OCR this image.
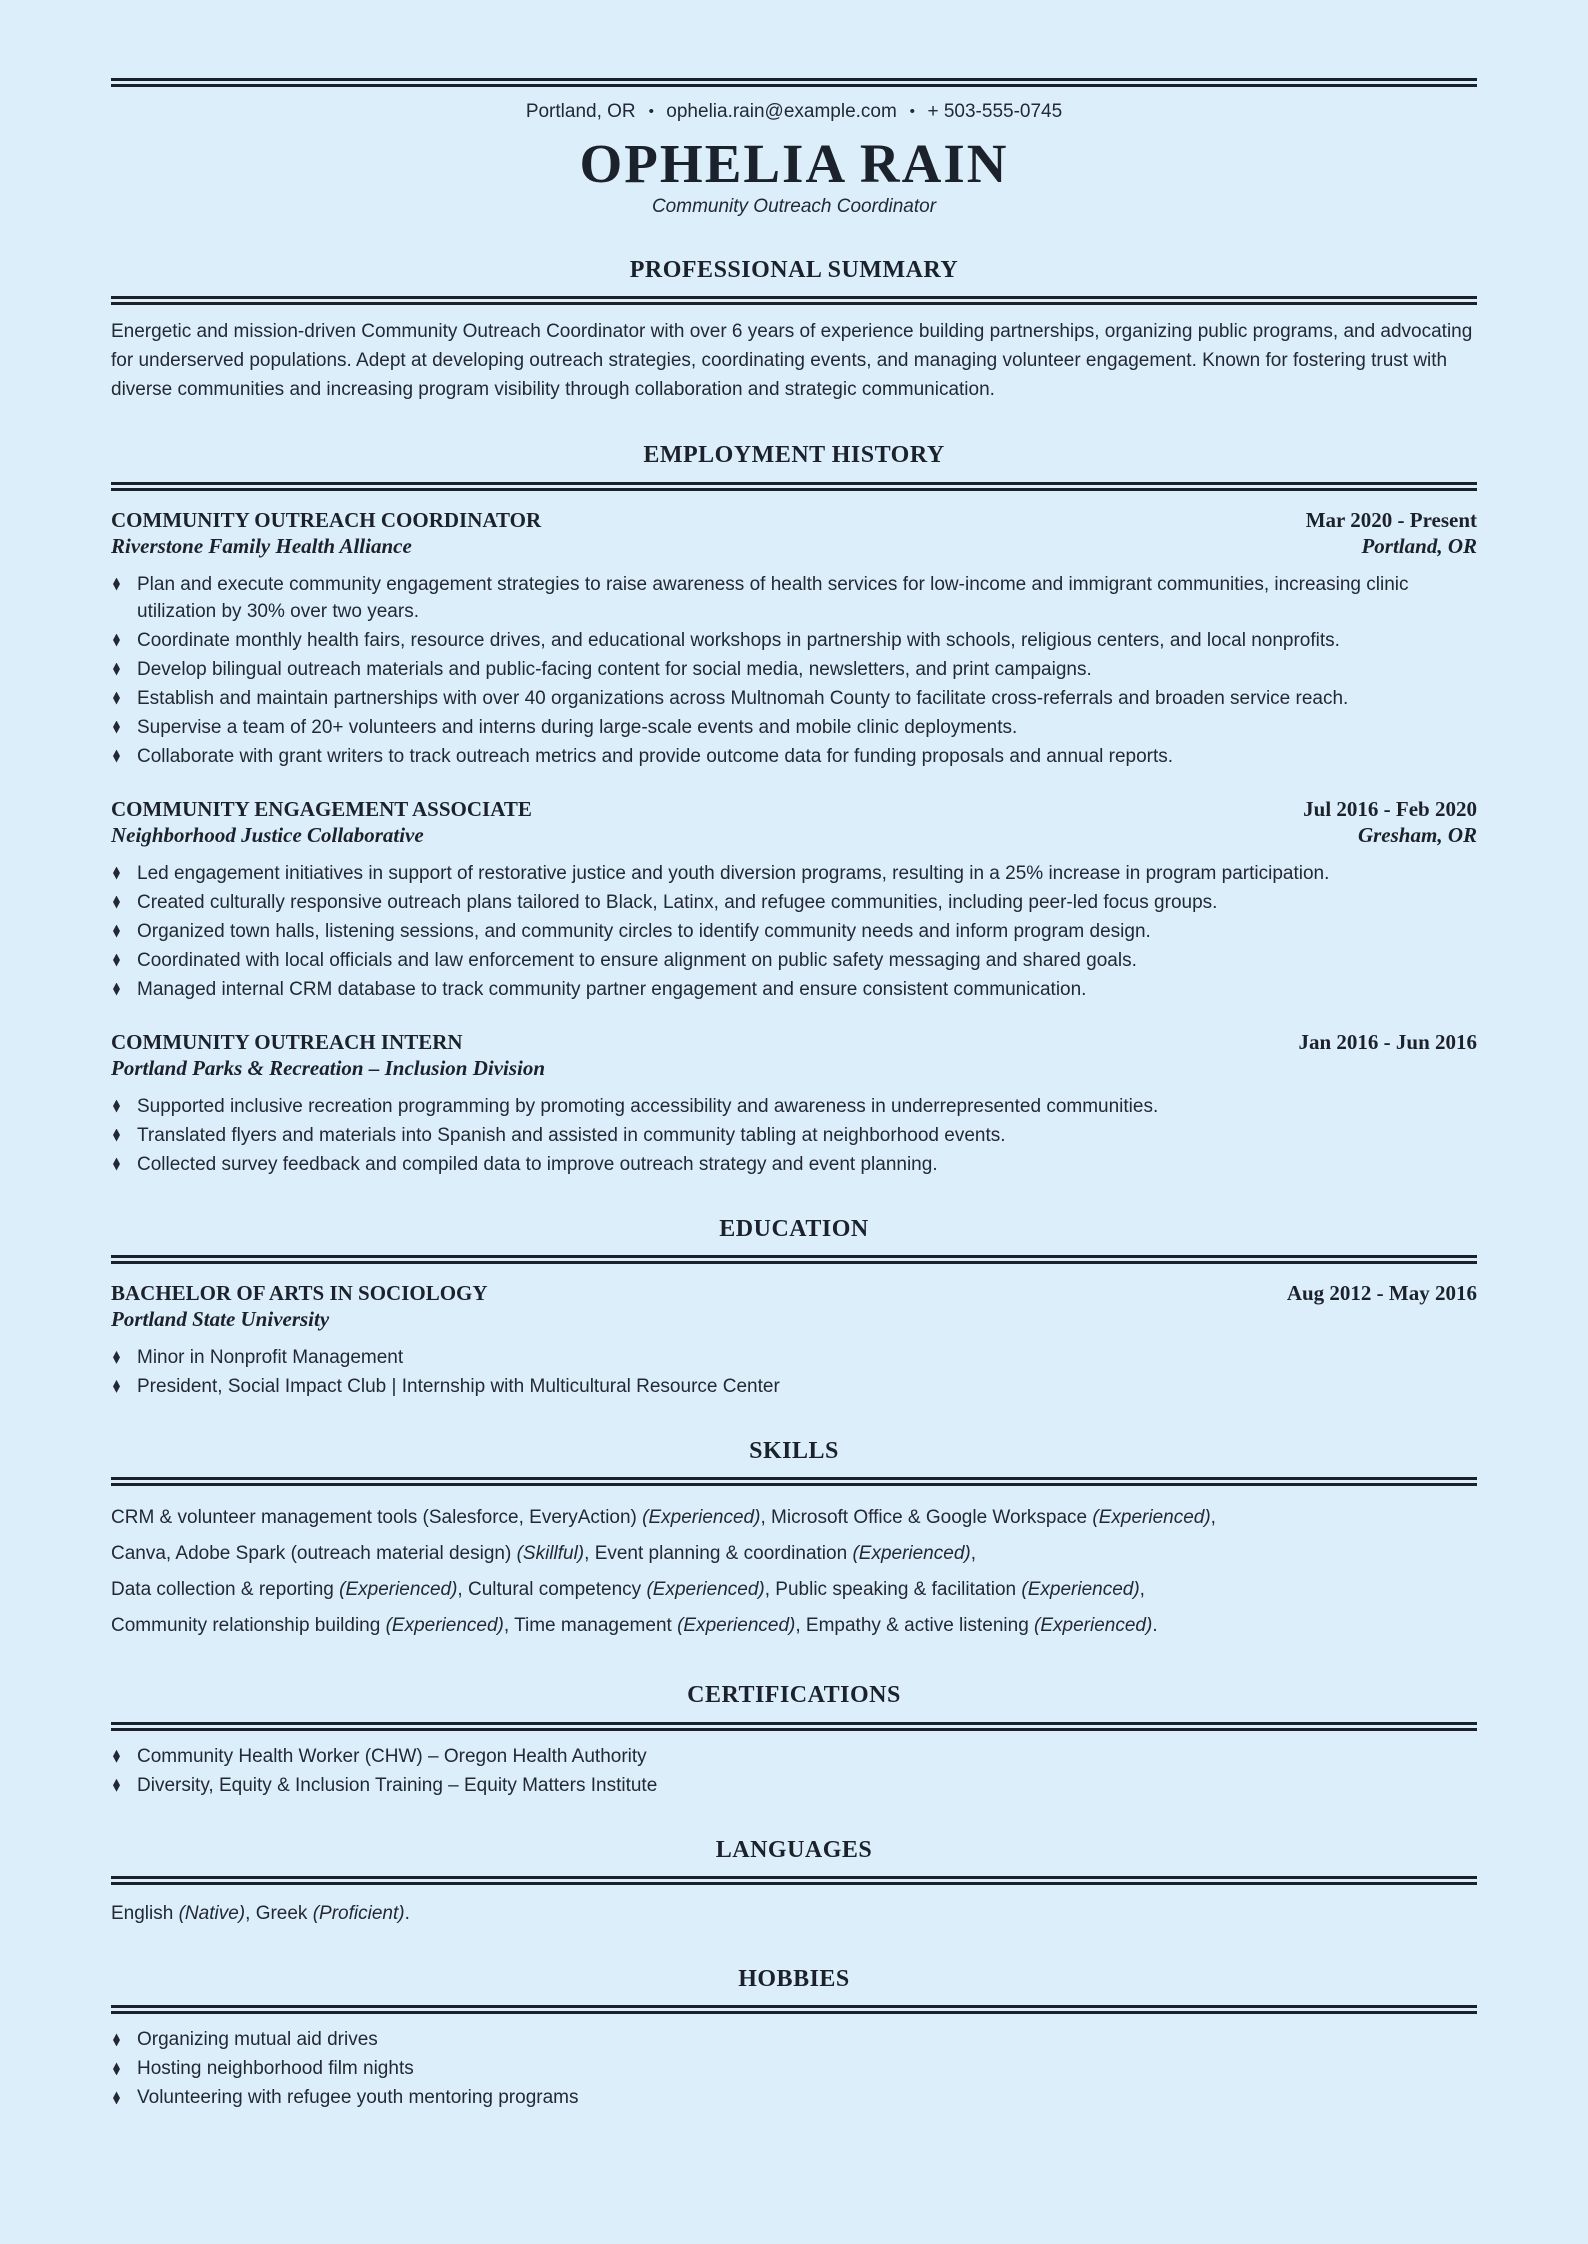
Portland, OR • ophelia.rain@example.com • + 503-555-0745
OPHELIA RAIN
Community Outreach Coordinator
PROFESSIONAL SUMMARY

Energetic and mission-driven Community Outreach Coordinator with over 6 years of experience building partnerships, organizing public programs, and advocating for underserved populations. Adept at developing outreach strategies, coordinating events, and managing volunteer engagement. Known for fostering trust with diverse communities and increasing program visibility through collaboration and strategic communication.

EMPLOYMENT HISTORY
COMMUNITY OUTREACH COORDINATOR	Mar 2020 - Present
Riverstone Family Health Alliance	Portland, OR
Plan and execute community engagement strategies to raise awareness of health services for low-income and immigrant communities, increasing clinic utilization by 30% over two years.
Coordinate monthly health fairs, resource drives, and educational workshops in partnership with schools, religious centers, and local nonprofits.
Develop bilingual outreach materials and public-facing content for social media, newsletters, and print campaigns.
Establish and maintain partnerships with over 40 organizations across Multnomah County to facilitate cross-referrals and broaden service reach.
Supervise a team of 20+ volunteers and interns during large-scale events and mobile clinic deployments.
Collaborate with grant writers to track outreach metrics and provide outcome data for funding proposals and annual reports.
COMMUNITY ENGAGEMENT ASSOCIATE	Jul 2016 - Feb 2020
Neighborhood Justice Collaborative	Gresham, OR
Led engagement initiatives in support of restorative justice and youth diversion programs, resulting in a 25% increase in program participation.
Created culturally responsive outreach plans tailored to Black, Latinx, and refugee communities, including peer-led focus groups.
Organized town halls, listening sessions, and community circles to identify community needs and inform program design.
Coordinated with local officials and law enforcement to ensure alignment on public safety messaging and shared goals.
Managed internal CRM database to track community partner engagement and ensure consistent communication.
COMMUNITY OUTREACH INTERN	Jan 2016 - Jun 2016
Portland Parks & Recreation – Inclusion Division
Supported inclusive recreation programming by promoting accessibility and awareness in underrepresented communities.
Translated flyers and materials into Spanish and assisted in community tabling at neighborhood events.
Collected survey feedback and compiled data to improve outreach strategy and event planning.
EDUCATION
BACHELOR OF ARTS IN SOCIOLOGY	Aug 2012 - May 2016
Portland State University
Minor in Nonprofit Management
President, Social Impact Club | Internship with Multicultural Resource Center
SKILLS
CRM & volunteer management tools (Salesforce, EveryAction) (Experienced), Microsoft Office & Google Workspace (Experienced),
Canva, Adobe Spark (outreach material design) (Skillful), Event planning & coordination (Experienced),
Data collection & reporting (Experienced), Cultural competency (Experienced), Public speaking & facilitation (Experienced),
Community relationship building (Experienced), Time management (Experienced), Empathy & active listening (Experienced).
CERTIFICATIONS
Community Health Worker (CHW) – Oregon Health Authority
Diversity, Equity & Inclusion Training – Equity Matters Institute
LANGUAGES
English (Native), Greek (Proficient).
HOBBIES
Organizing mutual aid drives
Hosting neighborhood film nights
Volunteering with refugee youth mentoring programs
